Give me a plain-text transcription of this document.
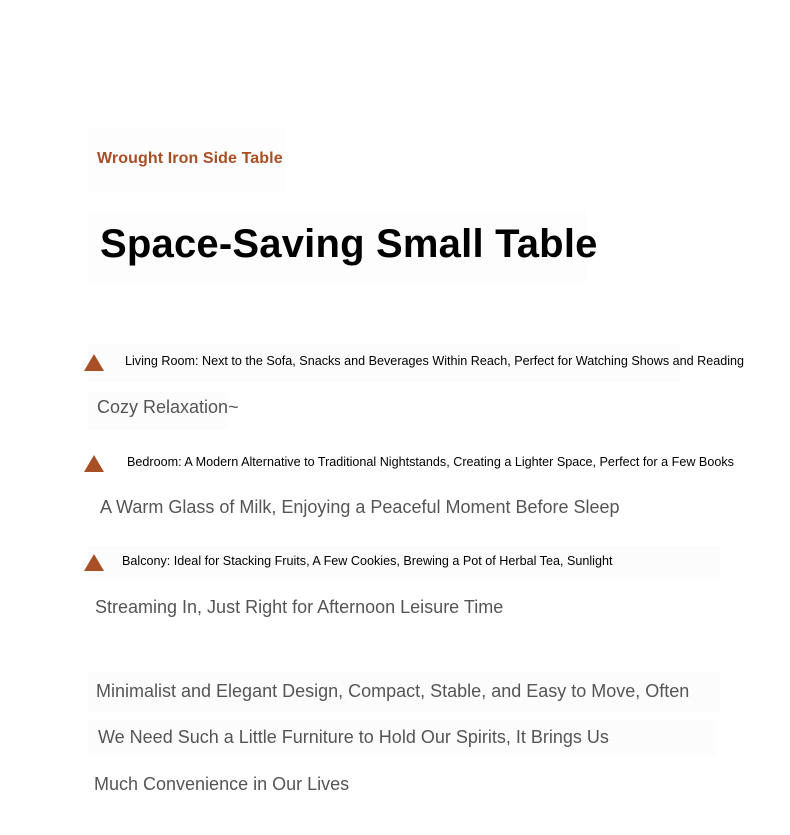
Wrought Iron Side Table
Space-Saving Small Table
Living Room: Next to the Sofa, Snacks and Beverages Within Reach, Perfect for Watching Shows and Reading
Cozy Relaxation~
Bedroom: A Modern Alternative to Traditional Nightstands, Creating a Lighter Space, Perfect for a Few Books
A Warm Glass of Milk, Enjoying a Peaceful Moment Before Sleep
Balcony: Ideal for Stacking Fruits, A Few Cookies, Brewing a Pot of Herbal Tea, Sunlight
Streaming In, Just Right for Afternoon Leisure Time
Minimalist and Elegant Design, Compact, Stable, and Easy to Move, Often
We Need Such a Little Furniture to Hold Our Spirits, It Brings Us
Much Convenience in Our Lives
